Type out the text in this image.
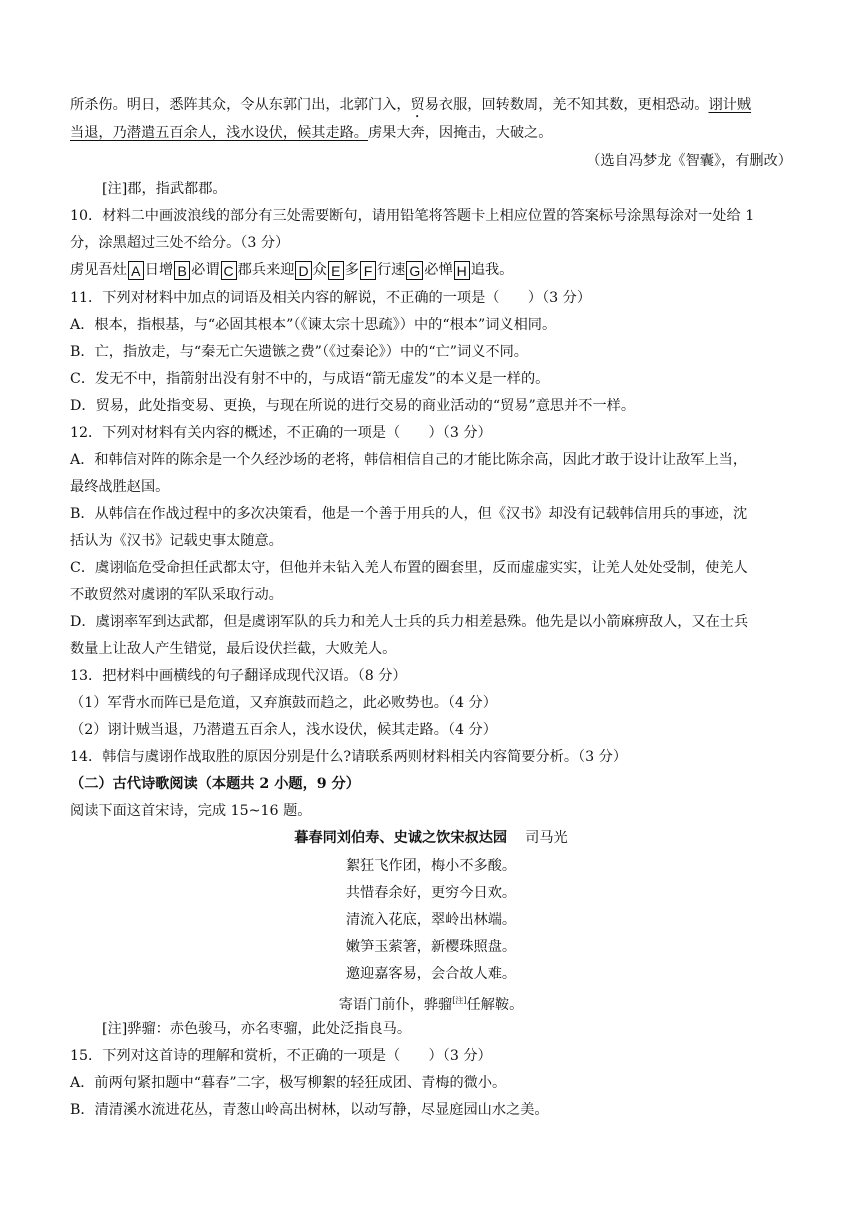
所杀伤。明日，悉阵其众，令从东郭门出，北郭门入，贸易衣服，回转数周，羌不知其数，更相恐动。诩计贼
当退，乃潜遣五百余人，浅水设伏，候其走路。虏果大奔，因掩击，大破之。
（选自冯梦龙《智囊》，有删改）
[注]郡，指武都郡。
10．材料二中画波浪线的部分有三处需要断句，请用铅笔将答题卡上相应位置的答案标号涂黑每涂对一处给 1
分，涂黑超过三处不给分。（3 分）
虏见吾灶 A 日增 B 必谓 C 郡兵来迎 D 众 E 多 F 行速 G 必惮 H 追我。
11．下列对材料中加点的词语及相关内容的解说，不正确的一项是（　　）（3 分）
A．根本，指根基，与“必固其根本”（《谏太宗十思疏》）中的“根本”词义相同。
B．亡，指放走，与“秦无亡矢遗镞之费”（《过秦论》）中的“亡”词义不同。
C．发无不中，指箭射出没有射不中的，与成语“箭无虚发”的本义是一样的。
D．贸易，此处指变易、更换，与现在所说的进行交易的商业活动的“贸易”意思并不一样。
12．下列对材料有关内容的概述，不正确的一项是（　　）（3 分）
A．和韩信对阵的陈余是一个久经沙场的老将，韩信相信自己的才能比陈余高，因此才敢于设计让敌军上当，
最终战胜赵国。
B．从韩信在作战过程中的多次决策看，他是一个善于用兵的人，但《汉书》却没有记载韩信用兵的事迹，沈
括认为《汉书》记载史事太随意。
C．虞诩临危受命担任武都太守，但他并未钻入羌人布置的圈套里，反而虚虚实实，让羌人处处受制，使羌人
不敢贸然对虞诩的军队采取行动。
D．虞诩率军到达武都，但是虞诩军队的兵力和羌人士兵的兵力相差悬殊。他先是以小箭麻痹敌人，又在士兵
数量上让敌人产生错觉，最后设伏拦截，大败羌人。
13．把材料中画横线的句子翻译成现代汉语。（8 分）
（1）军背水而阵已是危道，又弃旗鼓而趋之，此必败势也。（4 分）
（2）诩计贼当退，乃潜遣五百余人，浅水设伏，候其走路。（4 分）
14．韩信与虞诩作战取胜的原因分别是什么?请联系两则材料相关内容简要分析。（3 分）
（二）古代诗歌阅读（本题共 2 小题，9 分）
阅读下面这首宋诗，完成 15~16 题。
暮春同刘伯寿、史诚之饮宋叔达园 司马光
絮狂飞作团，梅小不多酸。
共惜春余好，更穷今日欢。
清流入花底，翠岭出林端。
嫩笋玉萦箸，新樱珠照盘。
邀迎嘉客易，会合故人难。
寄语门前仆，骅骝[注]任解鞍。
[注]骅骝：赤色骏马，亦名枣骝，此处泛指良马。
15．下列对这首诗的理解和赏析，不正确的一项是（　　）（3 分）
A．前两句紧扣题中“暮春”二字，极写柳絮的轻狂成团、青梅的微小。
B．清清溪水流进花丛，青葱山岭高出树林，以动写静，尽显庭园山水之美。
